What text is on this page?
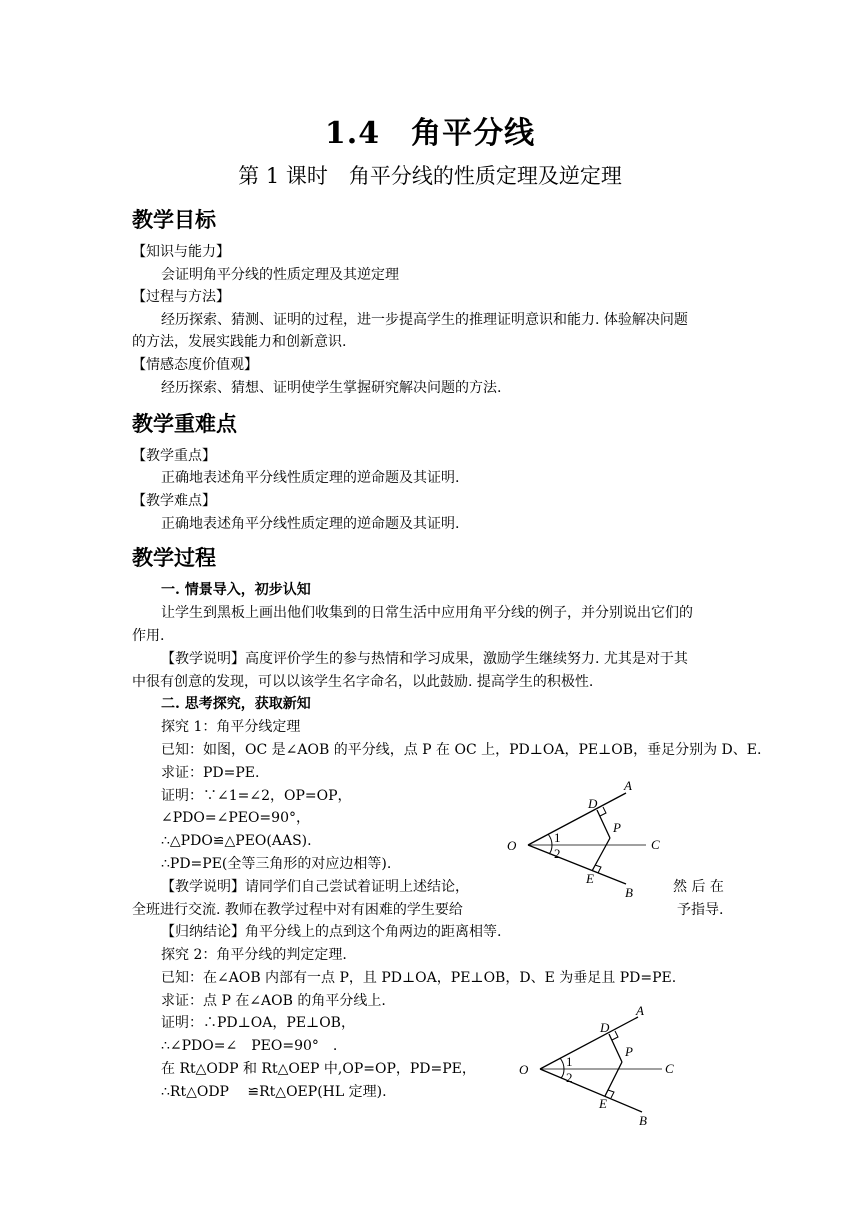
1.4　角平分线
第 1 课时　角平分线的性质定理及逆定理
教学目标
【知识与能力】
会证明角平分线的性质定理及其逆定理
【过程与方法】
经历探索、猜测、证明的过程，进一步提高学生的推理证明意识和能力. 体验解决问题
的方法，发展实践能力和创新意识.
【情感态度价值观】
经历探索、猜想、证明使学生掌握研究解决问题的方法.
教学重难点
【教学重点】
正确地表述角平分线性质定理的逆命题及其证明.
【教学难点】
正确地表述角平分线性质定理的逆命题及其证明.
教学过程
一. 情景导入，初步认知
让学生到黑板上画出他们收集到的日常生活中应用角平分线的例子，并分别说出它们的
作用.
【教学说明】高度评价学生的参与热情和学习成果，激励学生继续努力. 尤其是对于其
中很有创意的发现，可以以该学生名字命名，以此鼓励. 提高学生的积极性.
二. 思考探究，获取新知
探究 1：角平分线定理
已知：如图，OC 是∠AOB 的平分线，点 P 在 OC 上，PD⊥OA，PE⊥OB，垂足分别为 D、E.
求证：PD=PE.
证明：∵∠1=∠2，OP=OP，
∠PDO=∠PEO=90°，
∴△PDO≌△PEO(AAS).
∴PD=PE(全等三角形的对应边相等).
【教学说明】请同学们自己尝试着证明上述结论，	然 后 在
全班进行交流. 教师在教学过程中对有困难的学生要给	予指导.
【归纳结论】角平分线上的点到这个角两边的距离相等.
探究 2：角平分线的判定定理.
已知：在∠AOB 内部有一点 P，且 PD⊥OA，PE⊥OB，D、E 为垂足且 PD=PE.
求证：点 P 在∠AOB 的角平分线上.
证明：∴PD⊥OA，PE⊥OB，
∴∠PDO=∠　PEO=90°　.
在 Rt△ODP 和 Rt△OEP 中,OP=OP，PD=PE，
∴Rt△ODP 　≌Rt△OEP(HL 定理).
A
B
C
D
E
O
P
1
2
A
B
C
D
E
O
P
1
2
